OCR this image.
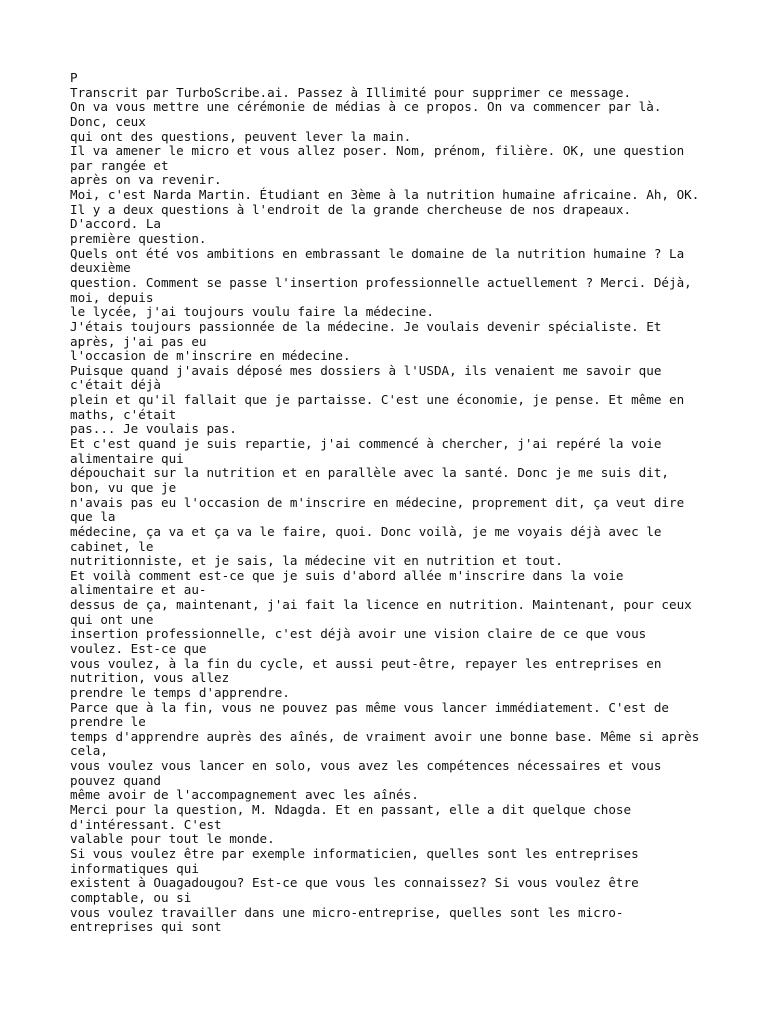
P
Transcrit par TurboScribe.ai. Passez à Illimité pour supprimer ce message.
On va vous mettre une cérémonie de médias à ce propos. On va commencer par là.
Donc, ceux
qui ont des questions, peuvent lever la main.
Il va amener le micro et vous allez poser. Nom, prénom, filière. OK, une question
par rangée et
après on va revenir.
Moi, c'est Narda Martin. Étudiant en 3ème à la nutrition humaine africaine. Ah, OK.
Il y a deux questions à l'endroit de la grande chercheuse de nos drapeaux.
D'accord. La
première question.
Quels ont été vos ambitions en embrassant le domaine de la nutrition humaine ? La
deuxième
question. Comment se passe l'insertion professionnelle actuellement ? Merci. Déjà,
moi, depuis
le lycée, j'ai toujours voulu faire la médecine.
J'étais toujours passionnée de la médecine. Je voulais devenir spécialiste. Et
après, j'ai pas eu
l'occasion de m'inscrire en médecine.
Puisque quand j'avais déposé mes dossiers à l'USDA, ils venaient me savoir que
c'était déjà
plein et qu'il fallait que je partaisse. C'est une économie, je pense. Et même en
maths, c'était
pas... Je voulais pas.
Et c'est quand je suis repartie, j'ai commencé à chercher, j'ai repéré la voie
alimentaire qui
dépouchait sur la nutrition et en parallèle avec la santé. Donc je me suis dit,
bon, vu que je
n'avais pas eu l'occasion de m'inscrire en médecine, proprement dit, ça veut dire
que la
médecine, ça va et ça va le faire, quoi. Donc voilà, je me voyais déjà avec le
cabinet, le
nutritionniste, et je sais, la médecine vit en nutrition et tout.
Et voilà comment est-ce que je suis d'abord allée m'inscrire dans la voie
alimentaire et au-
dessus de ça, maintenant, j'ai fait la licence en nutrition. Maintenant, pour ceux
qui ont une
insertion professionnelle, c'est déjà avoir une vision claire de ce que vous
voulez. Est-ce que
vous voulez, à la fin du cycle, et aussi peut-être, repayer les entreprises en
nutrition, vous allez
prendre le temps d'apprendre.
Parce que à la fin, vous ne pouvez pas même vous lancer immédiatement. C'est de
prendre le
temps d'apprendre auprès des aînés, de vraiment avoir une bonne base. Même si après
cela,
vous voulez vous lancer en solo, vous avez les compétences nécessaires et vous
pouvez quand
même avoir de l'accompagnement avec les aînés.
Merci pour la question, M. Ndagda. Et en passant, elle a dit quelque chose
d'intéressant. C'est
valable pour tout le monde.
Si vous voulez être par exemple informaticien, quelles sont les entreprises
informatiques qui
existent à Ouagadougou? Est-ce que vous les connaissez? Si vous voulez être
comptable, ou si
vous voulez travailler dans une micro-entreprise, quelles sont les micro-
entreprises qui sont
